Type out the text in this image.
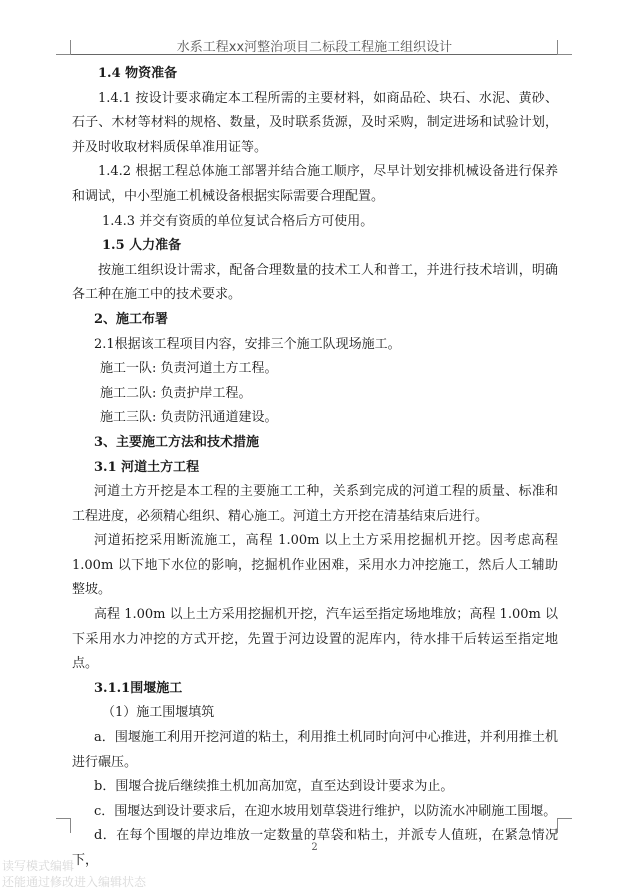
水系工程xx河整治项目二标段工程施工组织设计

1.4 物资准备

1.4.1 按设计要求确定本工程所需的主要材料，如商品砼、块石、水泥、黄砂、石子、木材等材料的规格、数量，及时联系货源，及时采购，制定进场和试验计划，并及时收取材料质保单准用证等。

1.4.2 根据工程总体施工部署并结合施工顺序，尽早计划安排机械设备进行保养和调试，中小型施工机械设备根据实际需要合理配置。

1.4.3 并交有资质的单位复试合格后方可使用。

1.5 人力准备

按施工组织设计需求，配备合理数量的技术工人和普工，并进行技术培训，明确各工种在施工中的技术要求。

2、施工布署

2.1根据该工程项目内容，安排三个施工队现场施工。

施工一队: 负责河道土方工程。

施工二队: 负责护岸工程。

施工三队: 负责防汛通道建设。

3、主要施工方法和技术措施

3.1 河道土方工程

河道土方开挖是本工程的主要施工工种，关系到完成的河道工程的质量、标准和工程进度，必须精心组织、精心施工。河道土方开挖在清基结束后进行。

河道拓挖采用断流施工，高程 1.00m 以上土方采用挖掘机开挖。因考虑高程 1.00m 以下地下水位的影响，挖掘机作业困难，采用水力冲挖施工，然后人工辅助整坡。

高程 1.00m 以上土方采用挖掘机开挖，汽车运至指定场地堆放；高程 1.00m 以下采用水力冲挖的方式开挖，先置于河边设置的泥库内，待水排干后转运至指定地点。

3.1.1围堰施工

（1）施工围堰填筑

a．围堰施工利用开挖河道的粘土，利用推土机同时向河中心推进，并利用推土机进行碾压。

b．围堰合拢后继续推土机加高加宽，直至达到设计要求为止。

c．围堰达到设计要求后，在迎水坡用划草袋进行维护，以防流水冲刷施工围堰。

d．在每个围堰的岸边堆放一定数量的草袋和粘土，并派专人值班，在紧急情况下，

2
读写模式编辑
还能通过修改进入编辑状态
